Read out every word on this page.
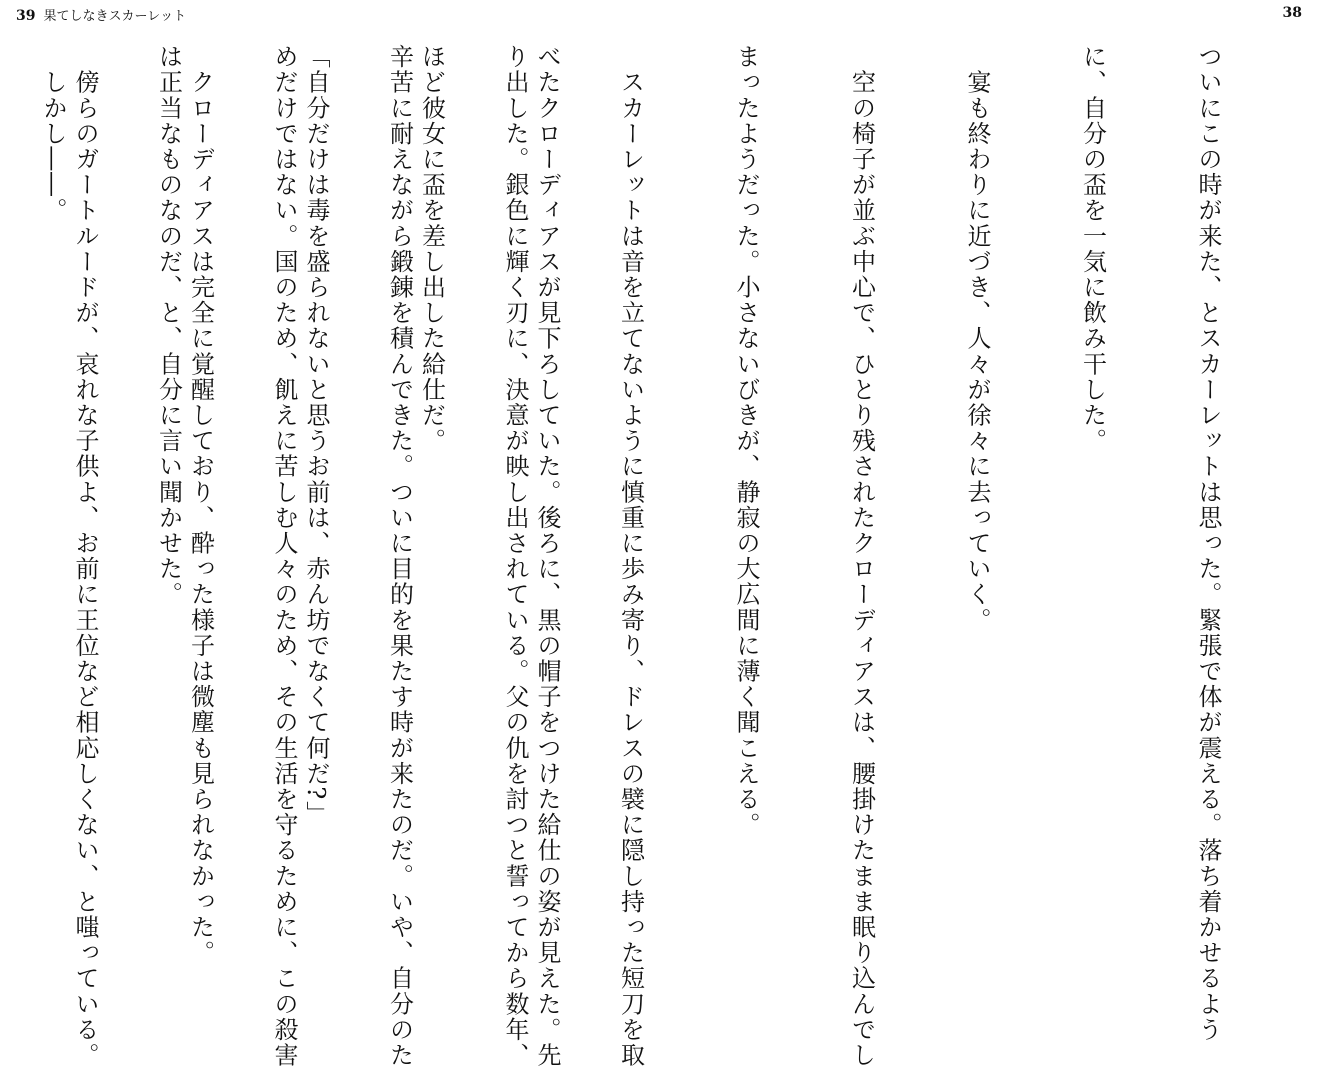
39 果てしなきスカーレット

べたクローディアスが見下ろしていた。後ろに、黒の帽子をつけた給仕の姿が見えた。先

ほど彼女に盃を差し出した給仕だ。

「自分だけは毒を盛られないと思うお前は、赤ん坊でなくて何だ?」

　クローディアスは完全に覚醒しており、酔った様子は微塵も見られなかった。

　傍らのガートルードが、哀れな子供よ、お前に王位など相応しくない、と嗤っている。

38

ついにこの時が来た、とスカーレットは思った。緊張で体が震える。落ち着かせるよう

に、自分の盃を一気に飲み干した。

　宴も終わりに近づき、人々が徐々に去っていく。

　空の椅子が並ぶ中心で、ひとり残されたクローディアスは、腰掛けたまま眠り込んでし

まったようだった。小さないびきが、静寂の大広間に薄く聞こえる。

　スカーレットは音を立てないように慎重に歩み寄り、ドレスの襞に隠し持った短刀を取

り出した。銀色に輝く刃に、決意が映し出されている。父の仇を討つと誓ってから数年、

辛苦に耐えながら鍛錬を積んできた。ついに目的を果たす時が来たのだ。いや、自分のた

めだけではない。国のため、飢えに苦しむ人々のため、その生活を守るために、この殺害

は正当なものなのだ、と、自分に言い聞かせた。

　しかし――。
